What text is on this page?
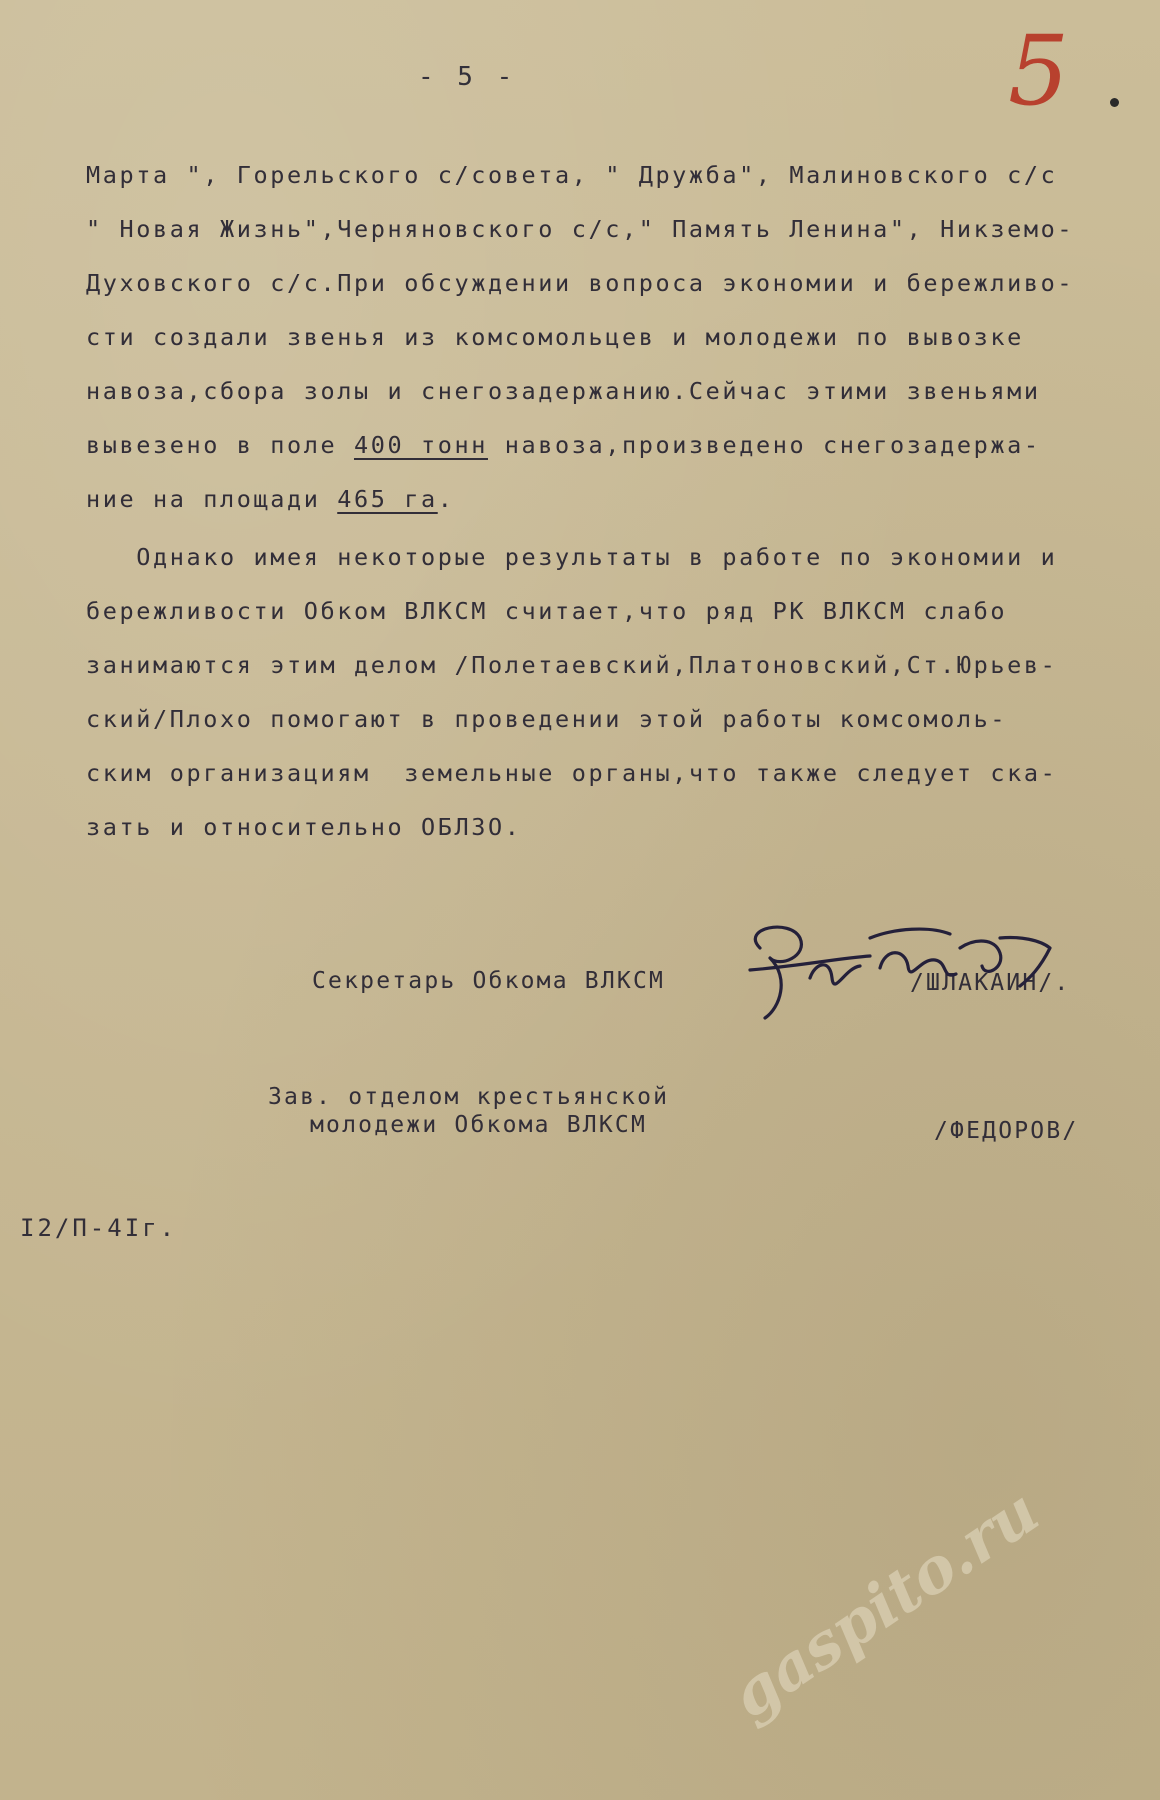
- 5 -	5
Марта ", Горельского с/совета, " Дружба", Малиновского с/с
" Новая Жизнь",Черняновского с/с," Память Ленина", Никземо-
Духовского с/с.При обсуждении вопроса экономии и бережливо-
сти создали звенья из комсомольцев и молодежи по вывозке
навоза,сбора золы и снегозадержанию.Сейчас этими звеньями
вывезено в поле 400 тонн навоза,произведено снегозадержа-
ние на площади 465 га.
Однако имея некоторые результаты в работе по экономии и
бережливости Обком ВЛКСМ считает,что ряд РК ВЛКСМ слабо
занимаются этим делом /Полетаевский,Платоновский,Ст.Юрьев-
ский/Плохо помогают в проведении этой работы комсомоль-
ским организациям  земельные органы,что также следует ска-
зать и относительно ОБЛЗО.
Секретарь Обкома ВЛКСМ	/ШЛАКАИН/.
Зав. отделом крестьянской
молодежи Обкома ВЛКСМ	/ФЕДОРОВ/
I2/П-4Iг.
gaspito.ru
